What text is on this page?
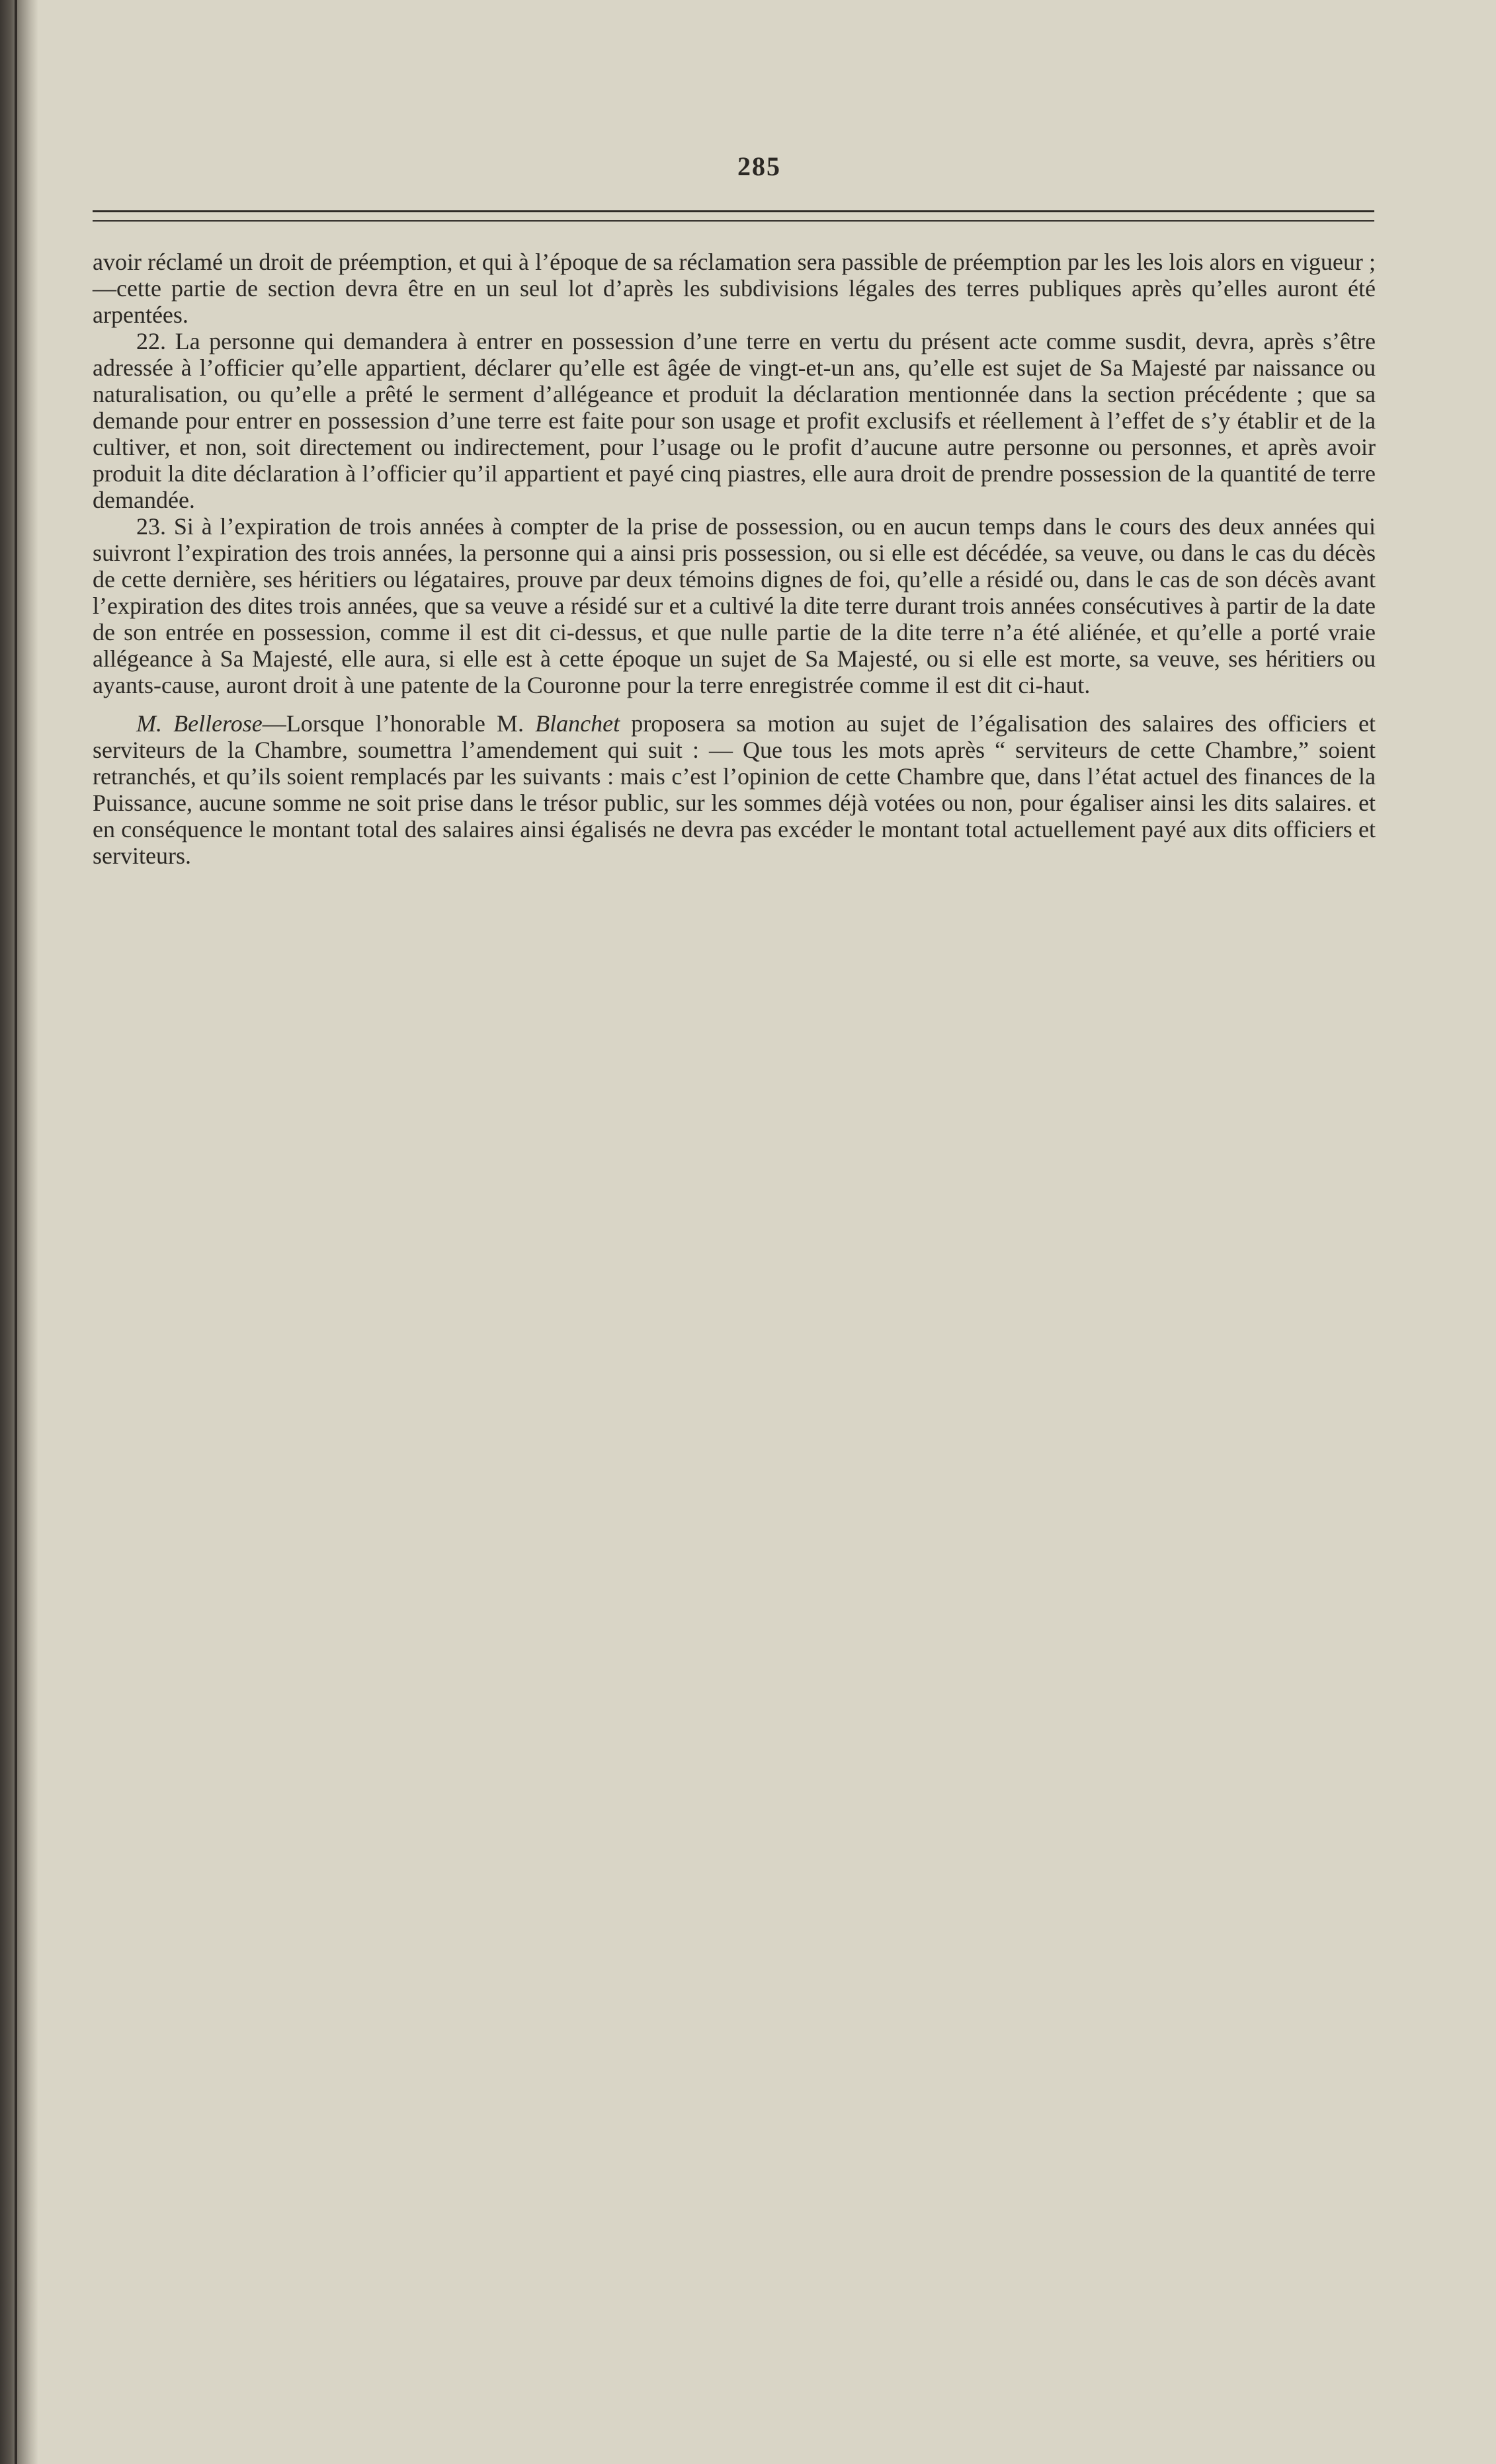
285

avoir réclamé un droit de préemption, et qui à l’époque de sa réclamation sera passible de préemption par les les lois alors en vigueur ;—cette partie de section devra être en un seul lot d’après les subdivisions légales des terres publiques après qu’elles auront été arpentées.

22. La personne qui demandera à entrer en possession d’une terre en vertu du présent acte comme susdit, devra, après s’être adressée à l’officier qu’elle appartient, déclarer qu’elle est âgée de vingt-et-un ans, qu’elle est sujet de Sa Majesté par naissance ou naturalisation, ou qu’elle a prêté le serment d’allégeance et produit la déclaration mentionnée dans la section précédente ; que sa demande pour entrer en possession d’une terre est faite pour son usage et profit exclusifs et réellement à l’effet de s’y établir et de la cultiver, et non, soit directement ou indirectement, pour l’usage ou le profit d’aucune autre personne ou personnes, et après avoir produit la dite déclaration à l’officier qu’il appartient et payé cinq piastres, elle aura droit de prendre possession de la quantité de terre demandée.

23. Si à l’expiration de trois années à compter de la prise de possession, ou en aucun temps dans le cours des deux années qui suivront l’expiration des trois années, la personne qui a ainsi pris possession, ou si elle est décédée, sa veuve, ou dans le cas du décès de cette dernière, ses héritiers ou légataires, prouve par deux témoins dignes de foi, qu’elle a résidé ou, dans le cas de son décès avant l’expiration des dites trois années, que sa veuve a résidé sur et a cultivé la dite terre durant trois années consécutives à partir de la date de son entrée en possession, comme il est dit ci-dessus, et que nulle partie de la dite terre n’a été aliénée, et qu’elle a porté vraie allégeance à Sa Majesté, elle aura, si elle est à cette époque un sujet de Sa Majesté, ou si elle est morte, sa veuve, ses héritiers ou ayants-cause, auront droit à une patente de la Couronne pour la terre enregistrée comme il est dit ci-haut.

M. Bellerose—Lorsque l’honorable M. Blanchet proposera sa motion au sujet de l’égalisation des salaires des officiers et serviteurs de la Chambre, soumettra l’amendement qui suit : — Que tous les mots après “ serviteurs de cette Chambre,” soient retranchés, et qu’ils soient remplacés par les suivants : mais c’est l’opinion de cette Chambre que, dans l’état actuel des finances de la Puissance, aucune somme ne soit prise dans le trésor public, sur les sommes déjà votées ou non, pour égaliser ainsi les dits salaires. et en conséquence le montant total des salaires ainsi égalisés ne devra pas excéder le montant total actuellement payé aux dits officiers et serviteurs.
